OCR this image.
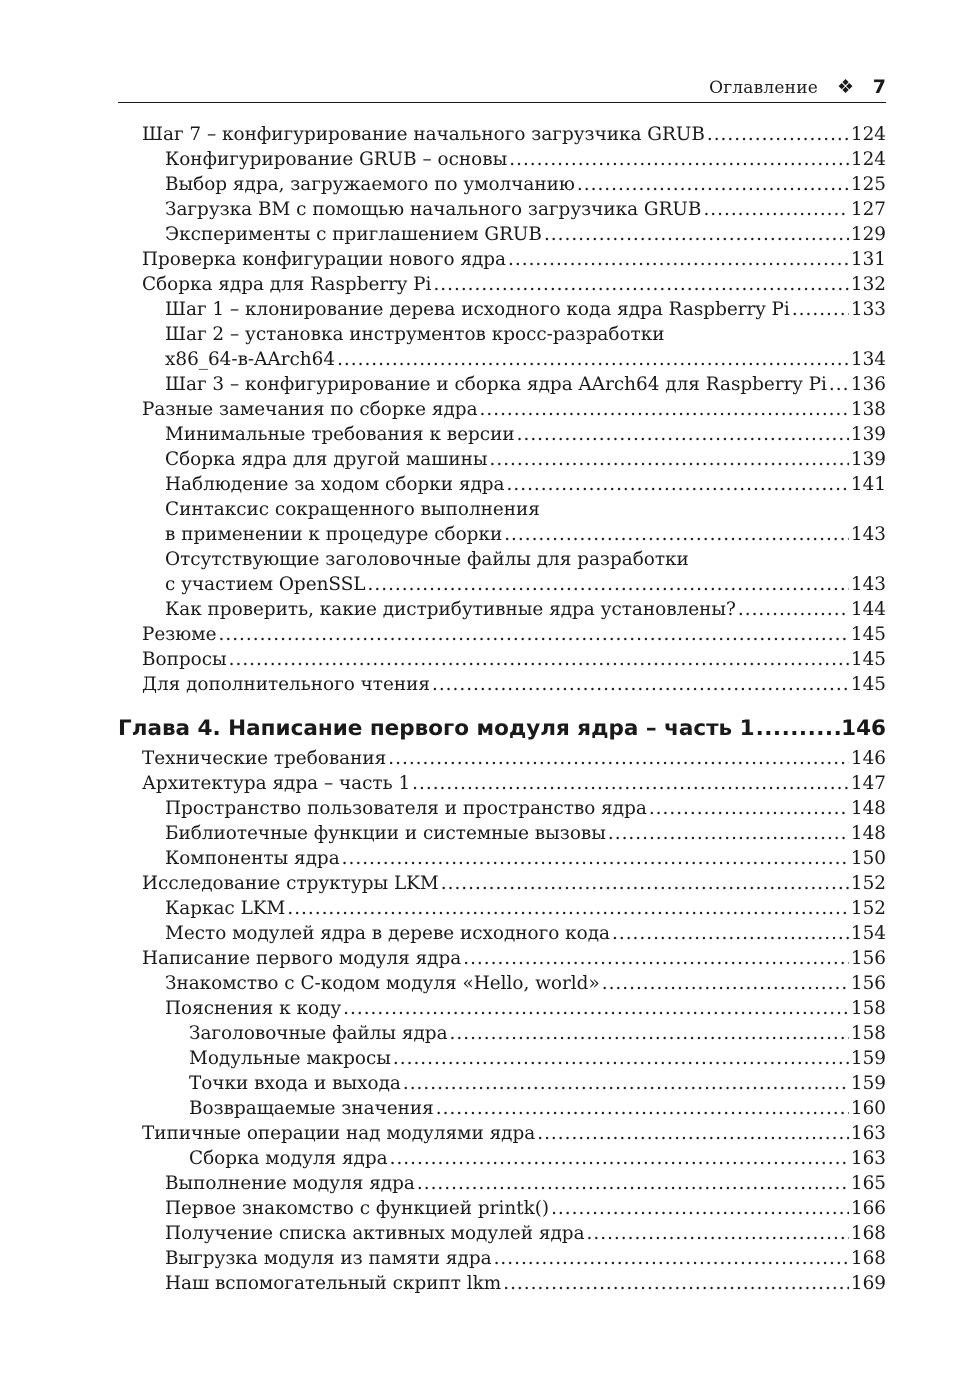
Оглавление ❖ 7
Шаг 7 – конфигурирование начального загрузчика GRUB .....	124
Конфигурирование GRUB – основы .....	124
Выбор ядра, загружаемого по умолчанию .....	125
Загрузка ВМ с помощью начального загрузчика GRUB .....	127
Эксперименты с приглашением GRUB .....	129
Проверка конфигурации нового ядра .....	131
Сборка ядра для Raspberry Pi .....	132
Шаг 1 – клонирование дерева исходного кода ядра Raspberry Pi .....	133
Шаг 2 – установка инструментов кросс-разработки
x86_64-в-AArch64 .....	134
Шаг 3 – конфигурирование и сборка ядра AArch64 для Raspberry Pi ..... 136
Разные замечания по сборке ядра .....	138
Минимальные требования к версии .....	139
Сборка ядра для другой машины .....	139
Наблюдение за ходом сборки ядра .....	141
Синтаксис сокращенного выполнения
в применении к процедуре сборки .....	143
Отсутствующие заголовочные файлы для разработки
с участием OpenSSL .....	143
Как проверить, какие дистрибутивные ядра установлены? .....	144
Резюме .....	145
Вопросы .....	145
Для дополнительного чтения .....	145
Глава 4. Написание первого модуля ядра – часть 1 .....	146
Технические требования .....	146
Архитектура ядра – часть 1 .....	147
Пространство пользователя и пространство ядра .....	148
Библиотечные функции и системные вызовы .....	148
Компоненты ядра .....	150
Исследование структуры LKM .....	152
Каркас LKM .....	152
Место модулей ядра в дереве исходного кода .....	154
Написание первого модуля ядра .....	156
Знакомство с C-кодом модуля «Hello, world» .....	156
Пояснения к коду .....	158
Заголовочные файлы ядра .....	158
Модульные макросы .....	159
Точки входа и выхода .....	159
Возвращаемые значения .....	160
Типичные операции над модулями ядра .....	163
Сборка модуля ядра .....	163
Выполнение модуля ядра .....	165
Первое знакомство с функцией printk() .....	166
Получение списка активных модулей ядра .....	168
Выгрузка модуля из памяти ядра .....	168
Наш вспомогательный скрипт lkm .....	169
